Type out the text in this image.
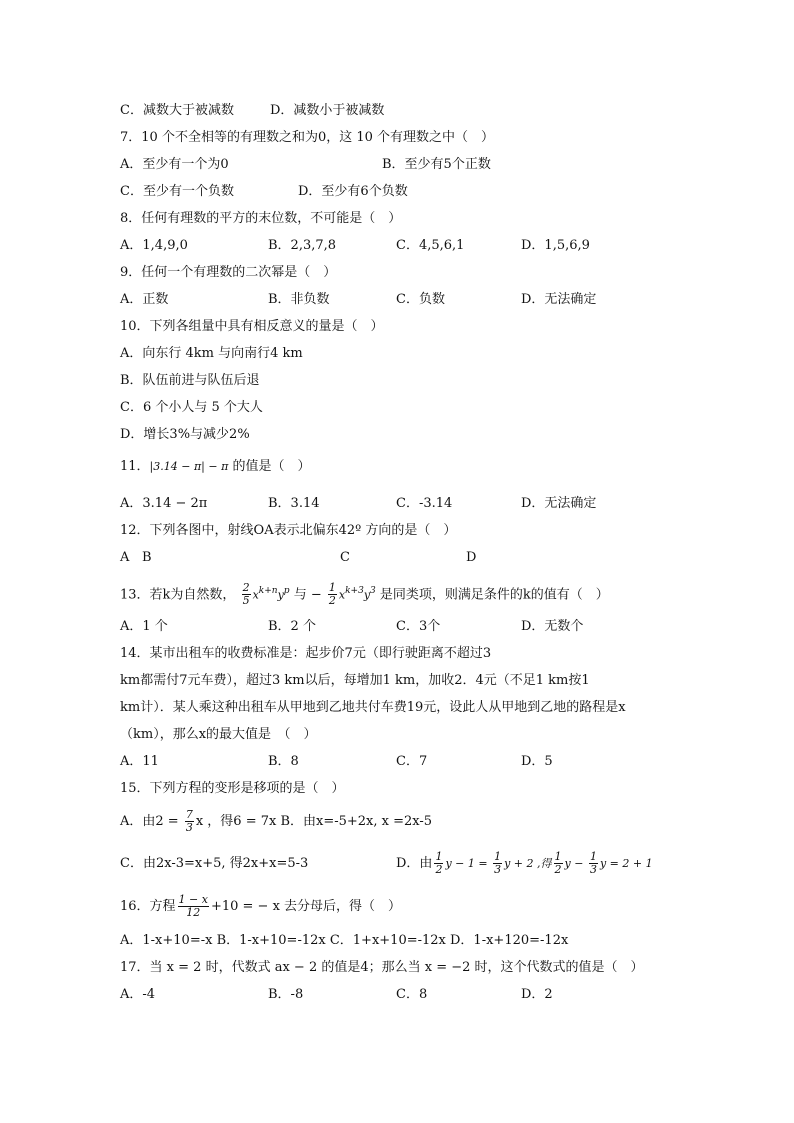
C．减数大于被减数	D．减数小于被减数
7．10 个不全相等的有理数之和为0，这 10 个有理数之中（　）
A．至少有一个为0	B．至少有5个正数
C．至少有一个负数	D．至少有6个负数
8．任何有理数的平方的末位数，不可能是（　）
A．1,4,9,0	B．2,3,7,8	C．4,5,6,1	D．1,5,6,9
9．任何一个有理数的二次幂是（　）
A．正数	B．非负数	C．负数	D．无法确定
10．下列各组量中具有相反意义的量是（　）
A．向东行 4km 与向南行4 km
B．队伍前进与队伍后退
C．6 个小人与 5 个大人
D．增长3%与减少2%
11．|3.14 − π| − π 的值是（　）
A．3.14 − 2π	B．3.14	C．-3.14	D．无法确定
12．下列各图中，射线OA表示北偏东42º 方向的是（　）
A B	C	D
13．若k为自然数， $\frac{2}{5} x^{k+n}y^p$ 与 − $\frac{1}{2} x^{k+3}y^3$ 是同类项，则满足条件的k的值有（　）
A．1 个	B．2 个	C．3个	D．无数个
14．某市出租车的收费标准是：起步价7元（即行驶距离不超过3
km都需付7元车费），超过3 km以后，每增加1 km，加收2．4元（不足1 km按1
km计）．某人乘这种出租车从甲地到乙地共付车费19元，设此人从甲地到乙地的路程是x
（km），那么x的最大值是　（　）
A．11	B．8	C．7	D．5
15．下列方程的变形是移项的是（　）
A．由$2 = \frac{7}{3}$ x ，得6 = 7x B．由x=-5+2x, x =2x-5
C．由2x-3=x+5, 得2x+x=5-3	D．由 $\frac{1}{2}$ $y - 1 = \frac{1}{3}$ y + 2 ,得 $\frac{1}{2}$ $y - \frac{1}{3}$ y = 2 + 1
16．方程 $\frac{1 - x}{12} +10$ = − x 去分母后，得（　）
A．1-x+10=-x B．1-x+10=-12x C．1+x+10=-12x D．1-x+120=-12x
17．当 x = 2 时，代数式 ax − 2 的值是4；那么当 x = −2 时，这个代数式的值是（　）
A．-4	B．-8	C．8	D．2
